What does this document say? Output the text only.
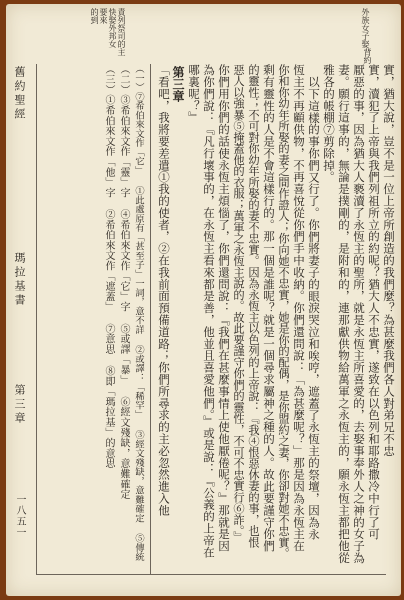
背約
娶
外族女子
責列祭司的主
快娶外邦女
要來
的到
舊約聖經
瑪拉基書
第三章
一八五一
實，猶大說，豈不是一位上帝所創造的我們麼？為甚麼我們各人對弟兄不忠
實，瀆犯了上帝與我們列祖所立的約呢？猶大人不忠實，遂致在以色列和耶路撒冷中行了可
厭惡的事，因為猶大人褻瀆了永恆主的聖所，就是永恆主所喜愛的，去娶事奉外人之神的女子為
妻。願行這事的，無論是撲剛的，是附和的，連那獻供物給萬軍之永恆主的，願永恆主都把他從
雅各的帳棚⑦剪除掉。
以下這樣的事你們又行了。你們將妻子的眼淚哭泣和唉哼，遮蓋了永恆主的祭壇，因為永
恆主不再顧供物，不再喜悅從你們手中收納。你們還問說：「為甚麼呢？」那是因為永恆主在
你和你幼年所娶的妻之間作證人；你向她不忠實，她是你的配偶，是你盟約之妻，你卻對她不忠實。
剩有靈性的人是不會這樣行的。那一個是誰呢？就是一個尋求屬神之種的人。故此要謹守你們
的靈性；不可對你幼年所娶的妻不忠實。因為永恆主以色列的上帝說：『我④恨惡休妻的事，也恨
惡人以強暴⑤掩蓋他的衣服；萬軍之永恆主說的。故此要謹守你們的靈性，不可不忠實行⑥詐。』
你們用你們的話使永恆主煩惱了，你們還問說：『我們在甚麼事情上使他厭倦呢？』那就是因
為你們說：『凡行壞事的，在永恆主看來都是善，他並且喜愛他們。』或是說：『公義的上帝在
哪裏呢？』
第三章
「看吧，我將要差遣①我的使者，②在我前面預備道路；你們所尋求的主必忽然進入他
（一）⑦希伯來文作「它」 ①此處原有「甚至子」一詞，意不詳 ②或譯：「稀罕」 ③經文殘缺，意難確定 ⑤傳統
（二）③希伯來文作「靈」字 ④希伯來文作「它」字 ⑤或譯「暴」 ⑥經文殘缺，意難確定
（三）①希伯來文作「他」字 ②希伯來文作「遮蓋」 ⑦意思 ⑧即「瑪拉基」的意思
